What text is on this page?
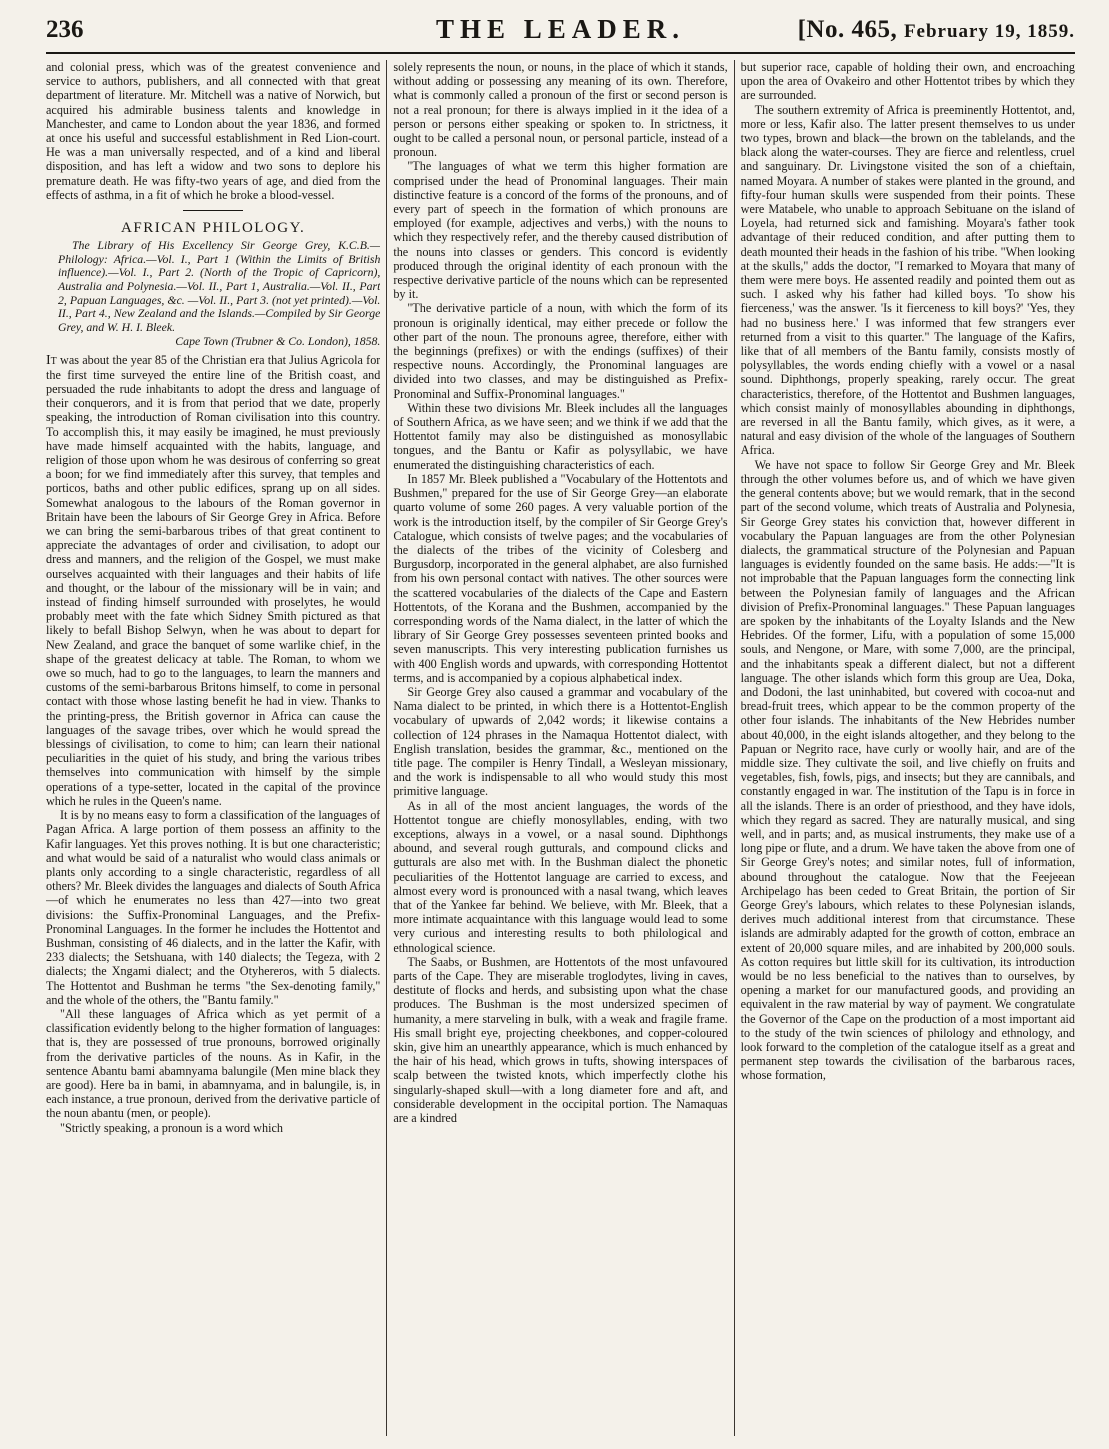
236	THE LEADER.	[No. 465, February 19, 1859.

and colonial press, which was of the greatest convenience and service to authors, publishers, and all connected with that great department of literature. Mr. Mitchell was a native of Norwich, but acquired his admirable business talents and knowledge in Manchester, and came to London about the year 1836, and formed at once his useful and successful establishment in Red Lion-court. He was a man universally respected, and of a kind and liberal disposition, and has left a widow and two sons to deplore his premature death. He was fifty-two years of age, and died from the effects of asthma, in a fit of which he broke a blood-vessel.

AFRICAN PHILOLOGY.

The Library of His Excellency Sir George Grey, K.C.B.— Philology: Africa.—Vol. I., Part 1 (Within the Limits of British influence).—Vol. I., Part 2. (North of the Tropic of Capricorn), Australia and Polynesia.—Vol. II., Part 1, Australia.—Vol. II., Part 2, Papuan Languages, &c. —Vol. II., Part 3. (not yet printed).—Vol. II., Part 4., New Zealand and the Islands.—Compiled by Sir George Grey, and W. H. I. Bleek.

Cape Town (Trubner & Co. London), 1858.

It was about the year 85 of the Christian era that Julius Agricola for the first time surveyed the entire line of the British coast, and persuaded the rude inhabitants to adopt the dress and language of their conquerors, and it is from that period that we date, properly speaking, the introduction of Roman civilisation into this country. To accomplish this, it may easily be imagined, he must previously have made himself acquainted with the habits, language, and religion of those upon whom he was desirous of conferring so great a boon; for we find immediately after this survey, that temples and porticos, baths and other public edifices, sprang up on all sides. Somewhat analogous to the labours of the Roman governor in Britain have been the labours of Sir George Grey in Africa. Before we can bring the semi-barbarous tribes of that great continent to appreciate the advantages of order and civilisation, to adopt our dress and manners, and the religion of the Gospel, we must make ourselves acquainted with their languages and their habits of life and thought, or the labour of the missionary will be in vain; and instead of finding himself surrounded with proselytes, he would probably meet with the fate which Sidney Smith pictured as that likely to befall Bishop Selwyn, when he was about to depart for New Zealand, and grace the banquet of some warlike chief, in the shape of the greatest delicacy at table. The Roman, to whom we owe so much, had to go to the languages, to learn the manners and customs of the semi-barbarous Britons himself, to come in personal contact with those whose lasting benefit he had in view. Thanks to the printing-press, the British governor in Africa can cause the languages of the savage tribes, over which he would spread the blessings of civilisation, to come to him; can learn their national peculiarities in the quiet of his study, and bring the various tribes themselves into communication with himself by the simple operations of a type-setter, located in the capital of the province which he rules in the Queen's name.

It is by no means easy to form a classification of the languages of Pagan Africa. A large portion of them possess an affinity to the Kafir languages. Yet this proves nothing. It is but one characteristic; and what would be said of a naturalist who would class animals or plants only according to a single characteristic, regardless of all others? Mr. Bleek divides the languages and dialects of South Africa—of which he enumerates no less than 427—into two great divisions: the Suffix-Pronominal Languages, and the Prefix-Pronominal Languages. In the former he includes the Hottentot and Bushman, consisting of 46 dialects, and in the latter the Kafir, with 233 dialects; the Setshuana, with 140 dialects; the Tegeza, with 2 dialects; the Xngami dialect; and the Otyhereros, with 5 dialects. The Hottentot and Bushman he terms "the Sex-denoting family," and the whole of the others, the "Bantu family."

"All these languages of Africa which as yet permit of a classification evidently belong to the higher formation of languages: that is, they are possessed of true pronouns, borrowed originally from the derivative particles of the nouns. As in Kafir, in the sentence Abantu bami abamnyama balungile (Men mine black they are good). Here ba in bami, in abamnyama, and in balungile, is, in each instance, a true pronoun, derived from the derivative particle of the noun abantu (men, or people).

"Strictly speaking, a pronoun is a word which

solely represents the noun, or nouns, in the place of which it stands, without adding or possessing any meaning of its own. Therefore, what is commonly called a pronoun of the first or second person is not a real pronoun; for there is always implied in it the idea of a person or persons either speaking or spoken to. In strictness, it ought to be called a personal noun, or personal particle, instead of a pronoun.

"The languages of what we term this higher formation are comprised under the head of Pronominal languages. Their main distinctive feature is a concord of the forms of the pronouns, and of every part of speech in the formation of which pronouns are employed (for example, adjectives and verbs,) with the nouns to which they respectively refer, and the thereby caused distribution of the nouns into classes or genders. This concord is evidently produced through the original identity of each pronoun with the respective derivative particle of the nouns which can be represented by it.

"The derivative particle of a noun, with which the form of its pronoun is originally identical, may either precede or follow the other part of the noun. The pronouns agree, therefore, either with the beginnings (prefixes) or with the endings (suffixes) of their respective nouns. Accordingly, the Pronominal languages are divided into two classes, and may be distinguished as Prefix-Pronominal and Suffix-Pronominal languages."

Within these two divisions Mr. Bleek includes all the languages of Southern Africa, as we have seen; and we think if we add that the Hottentot family may also be distinguished as monosyllabic tongues, and the Bantu or Kafir as polysyllabic, we have enumerated the distinguishing characteristics of each.

In 1857 Mr. Bleek published a "Vocabulary of the Hottentots and Bushmen," prepared for the use of Sir George Grey—an elaborate quarto volume of some 260 pages. A very valuable portion of the work is the introduction itself, by the compiler of Sir George Grey's Catalogue, which consists of twelve pages; and the vocabularies of the dialects of the tribes of the vicinity of Colesberg and Burgusdorp, incorporated in the general alphabet, are also furnished from his own personal contact with natives. The other sources were the scattered vocabularies of the dialects of the Cape and Eastern Hottentots, of the Korana and the Bushmen, accompanied by the corresponding words of the Nama dialect, in the latter of which the library of Sir George Grey possesses seventeen printed books and seven manuscripts. This very interesting publication furnishes us with 400 English words and upwards, with corresponding Hottentot terms, and is accompanied by a copious alphabetical index.

Sir George Grey also caused a grammar and vocabulary of the Nama dialect to be printed, in which there is a Hottentot-English vocabulary of upwards of 2,042 words; it likewise contains a collection of 124 phrases in the Namaqua Hottentot dialect, with English translation, besides the grammar, &c., mentioned on the title page. The compiler is Henry Tindall, a Wesleyan missionary, and the work is indispensable to all who would study this most primitive language.

As in all of the most ancient languages, the words of the Hottentot tongue are chiefly monosyllables, ending, with two exceptions, always in a vowel, or a nasal sound. Diphthongs abound, and several rough gutturals, and compound clicks and gutturals are also met with. In the Bushman dialect the phonetic peculiarities of the Hottentot language are carried to excess, and almost every word is pronounced with a nasal twang, which leaves that of the Yankee far behind. We believe, with Mr. Bleek, that a more intimate acquaintance with this language would lead to some very curious and interesting results to both philological and ethnological science.

The Saabs, or Bushmen, are Hottentots of the most unfavoured parts of the Cape. They are miserable troglodytes, living in caves, destitute of flocks and herds, and subsisting upon what the chase produces. The Bushman is the most undersized specimen of humanity, a mere starveling in bulk, with a weak and fragile frame. His small bright eye, projecting cheekbones, and copper-coloured skin, give him an unearthly appearance, which is much enhanced by the hair of his head, which grows in tufts, showing interspaces of scalp between the twisted knots, which imperfectly clothe his singularly-shaped skull—with a long diameter fore and aft, and considerable development in the occipital portion. The Namaquas are a kindred

but superior race, capable of holding their own, and encroaching upon the area of Ovakeiro and other Hottentot tribes by which they are surrounded.

The southern extremity of Africa is preeminently Hottentot, and, more or less, Kafir also. The latter present themselves to us under two types, brown and black—the brown on the tablelands, and the black along the water-courses. They are fierce and relentless, cruel and sanguinary. Dr. Livingstone visited the son of a chieftain, named Moyara. A number of stakes were planted in the ground, and fifty-four human skulls were suspended from their points. These were Matabele, who unable to approach Sebituane on the island of Loyela, had returned sick and famishing. Moyara's father took advantage of their reduced condition, and after putting them to death mounted their heads in the fashion of his tribe. "When looking at the skulls," adds the doctor, "I remarked to Moyara that many of them were mere boys. He assented readily and pointed them out as such. I asked why his father had killed boys. 'To show his fierceness,' was the answer. 'Is it fierceness to kill boys?' 'Yes, they had no business here.' I was informed that few strangers ever returned from a visit to this quarter." The language of the Kafirs, like that of all members of the Bantu family, consists mostly of polysyllables, the words ending chiefly with a vowel or a nasal sound. Diphthongs, properly speaking, rarely occur. The great characteristics, therefore, of the Hottentot and Bushmen languages, which consist mainly of monosyllables abounding in diphthongs, are reversed in all the Bantu family, which gives, as it were, a natural and easy division of the whole of the languages of Southern Africa.

We have not space to follow Sir George Grey and Mr. Bleek through the other volumes before us, and of which we have given the general contents above; but we would remark, that in the second part of the second volume, which treats of Australia and Polynesia, Sir George Grey states his conviction that, however different in vocabulary the Papuan languages are from the other Polynesian dialects, the grammatical structure of the Polynesian and Papuan languages is evidently founded on the same basis. He adds:—"It is not improbable that the Papuan languages form the connecting link between the Polynesian family of languages and the African division of Prefix-Pronominal languages." These Papuan languages are spoken by the inhabitants of the Loyalty Islands and the New Hebrides. Of the former, Lifu, with a population of some 15,000 souls, and Nengone, or Mare, with some 7,000, are the principal, and the inhabitants speak a different dialect, but not a different language. The other islands which form this group are Uea, Doka, and Dodoni, the last uninhabited, but covered with cocoa-nut and bread-fruit trees, which appear to be the common property of the other four islands. The inhabitants of the New Hebrides number about 40,000, in the eight islands altogether, and they belong to the Papuan or Negrito race, have curly or woolly hair, and are of the middle size. They cultivate the soil, and live chiefly on fruits and vegetables, fish, fowls, pigs, and insects; but they are cannibals, and constantly engaged in war. The institution of the Tapu is in force in all the islands. There is an order of priesthood, and they have idols, which they regard as sacred. They are naturally musical, and sing well, and in parts; and, as musical instruments, they make use of a long pipe or flute, and a drum. We have taken the above from one of Sir George Grey's notes; and similar notes, full of information, abound throughout the catalogue. Now that the Feejeean Archipelago has been ceded to Great Britain, the portion of Sir George Grey's labours, which relates to these Polynesian islands, derives much additional interest from that circumstance. These islands are admirably adapted for the growth of cotton, embrace an extent of 20,000 square miles, and are inhabited by 200,000 souls. As cotton requires but little skill for its cultivation, its introduction would be no less beneficial to the natives than to ourselves, by opening a market for our manufactured goods, and providing an equivalent in the raw material by way of payment. We congratulate the Governor of the Cape on the production of a most important aid to the study of the twin sciences of philology and ethnology, and look forward to the completion of the catalogue itself as a great and permanent step towards the civilisation of the barbarous races, whose formation,
